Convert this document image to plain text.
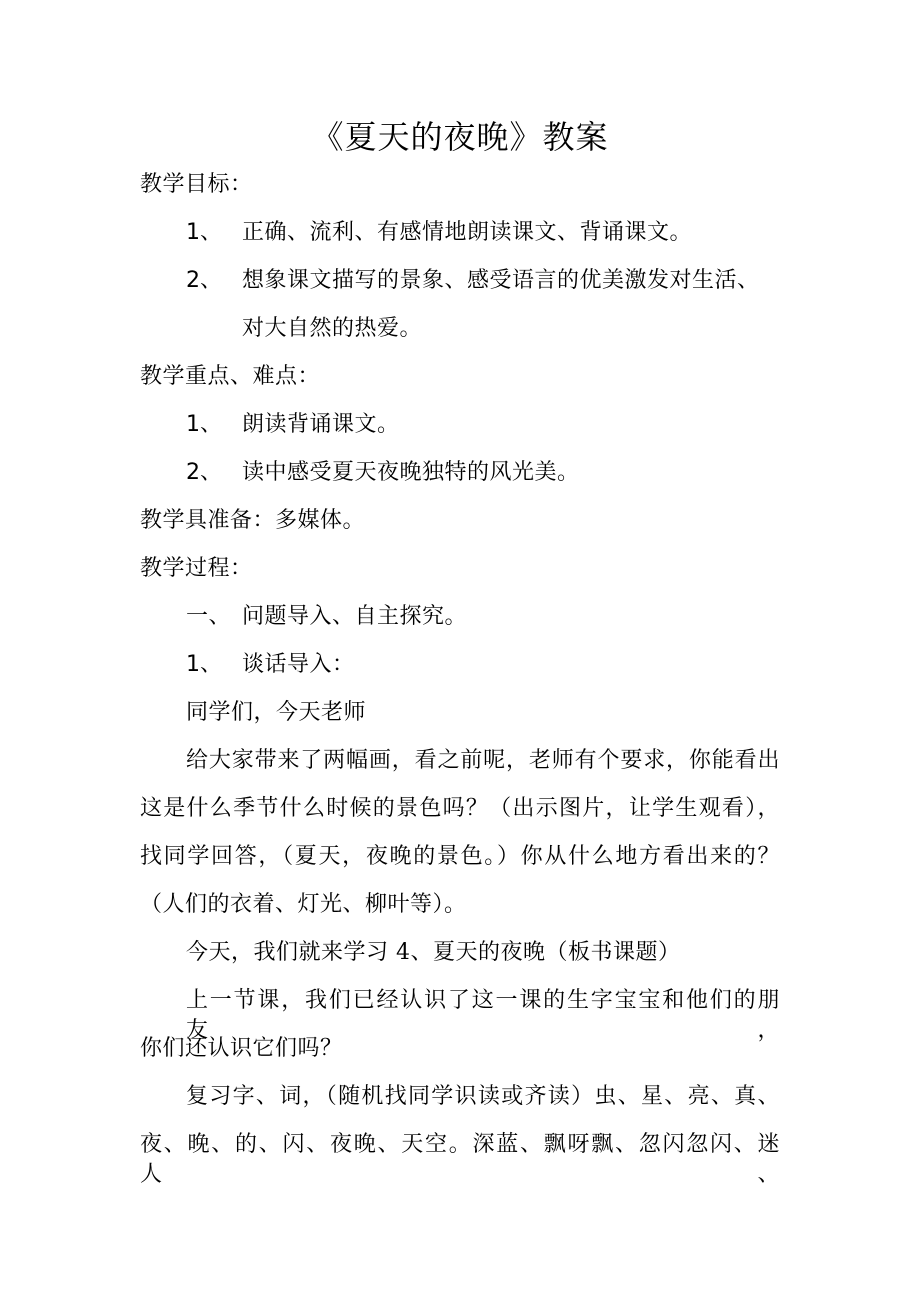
《夏天的夜晚》教案
教学目标：
1、 正确、流利、有感情地朗读课文、背诵课文。
2、 想象课文描写的景象、感受语言的优美激发对生活、
对大自然的热爱。
教学重点、难点：
1、 朗读背诵课文。
2、 读中感受夏天夜晚独特的风光美。
教学具准备：多媒体。
教学过程：
一、 问题导入、自主探究。
1、 谈话导入：
同学们，今天老师
给大家带来了两幅画，看之前呢，老师有个要求，你能看出
这是什么季节什么时候的景色吗？（出示图片，让学生观看），
找同学回答，（夏天，夜晚的景色。）你从什么地方看出来的？
（人们的衣着、灯光、柳叶等）。
今天，我们就来学习 4、夏天的夜晚（板书课题）
上一节课，我们已经认识了这一课的生字宝宝和他们的朋友，
你们还认识它们吗？
复习字、词，（随机找同学识读或齐读）虫、星、亮、真、
夜、晚、的、闪、夜晚、天空。深蓝、飘呀飘、忽闪忽闪、迷人、
